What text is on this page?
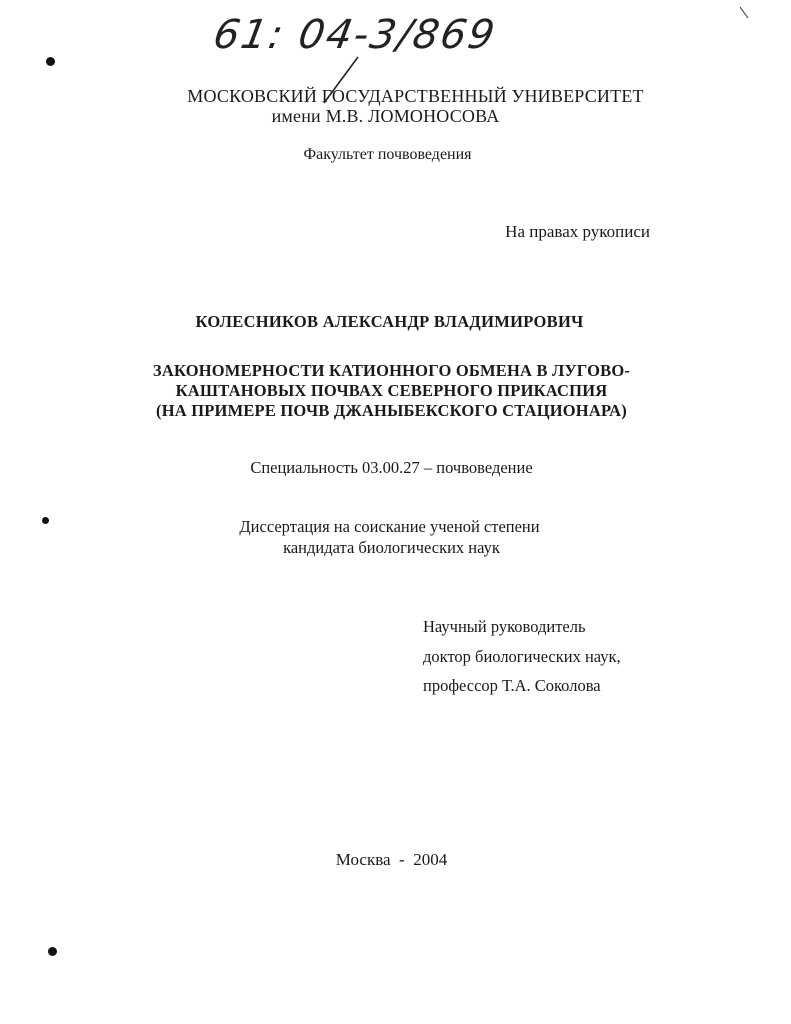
61: 04-3/869
МОСКОВСКИЙ ГОСУДАРСТВЕННЫЙ УНИВЕРСИТЕТ
имени М.В. ЛОМОНОСОВА
Факультет почвоведения
На правах рукописи
КОЛЕСНИКОВ АЛЕКСАНДР ВЛАДИМИРОВИЧ
ЗАКОНОМЕРНОСТИ КАТИОННОГО ОБМЕНА В ЛУГОВО-
КАШТАНОВЫХ ПОЧВАХ СЕВЕРНОГО ПРИКАСПИЯ
(НА ПРИМЕРЕ ПОЧВ ДЖАНЫБЕКСКОГО СТАЦИОНАРА)
Специальность 03.00.27 – почвоведение
Диссертация на соискание ученой степени
кандидата биологических наук
Научный руководитель
доктор биологических наук,
профессор Т.А. Соколова
Москва  -  2004
